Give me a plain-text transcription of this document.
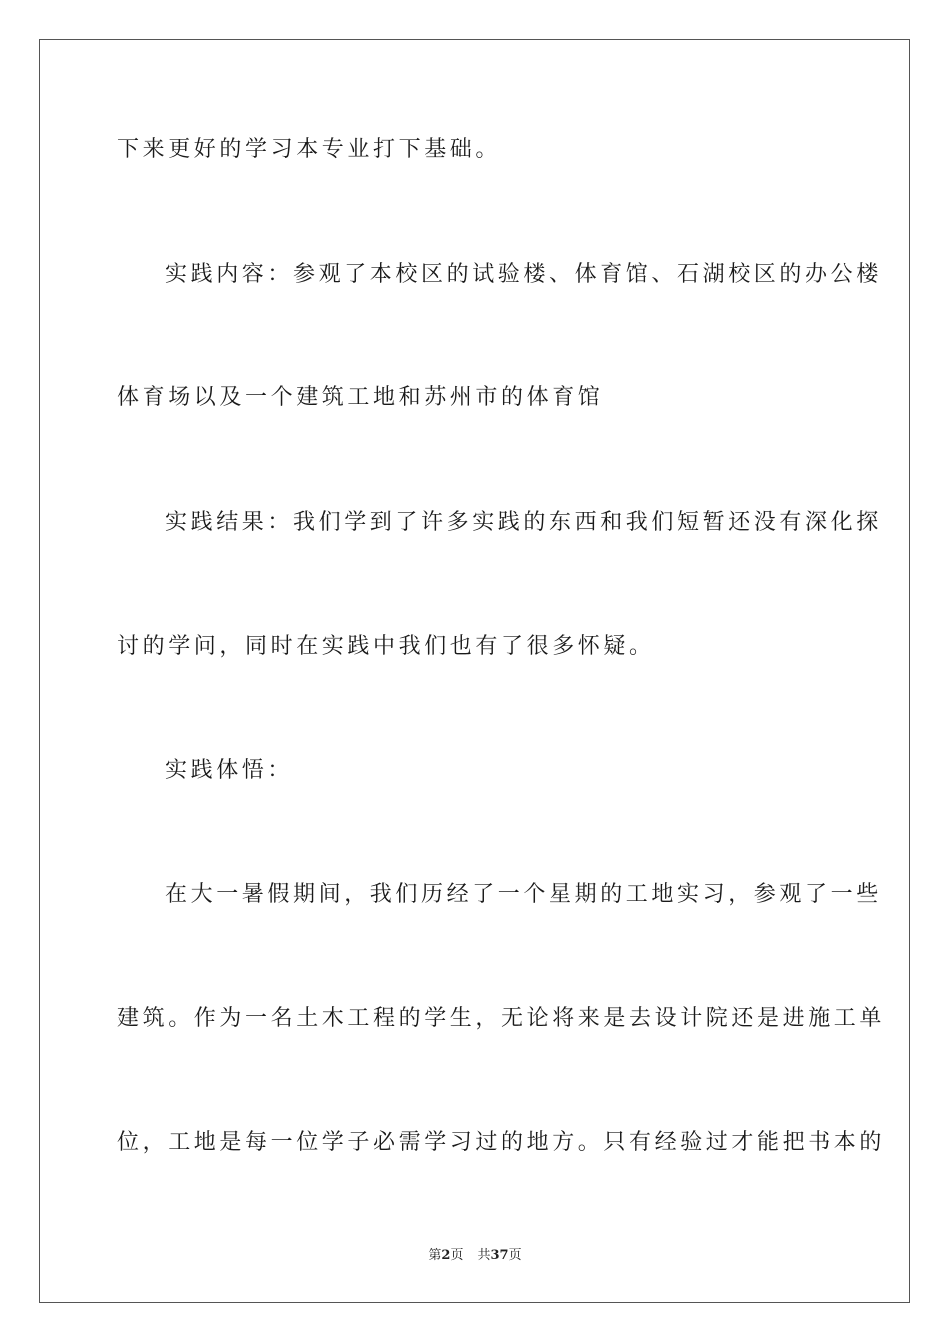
下来更好的学习本专业打下基础。
实践内容：参观了本校区的试验楼、体育馆、石湖校区的办公楼
体育场以及一个建筑工地和苏州市的体育馆
实践结果：我们学到了许多实践的东西和我们短暂还没有深化探
讨的学问，同时在实践中我们也有了很多怀疑。
实践体悟：
在大一暑假期间，我们历经了一个星期的工地实习，参观了一些
建筑。作为一名土木工程的学生，无论将来是去设计院还是进施工单
位，工地是每一位学子必需学习过的地方。只有经验过才能把书本的
第2页 共37页
